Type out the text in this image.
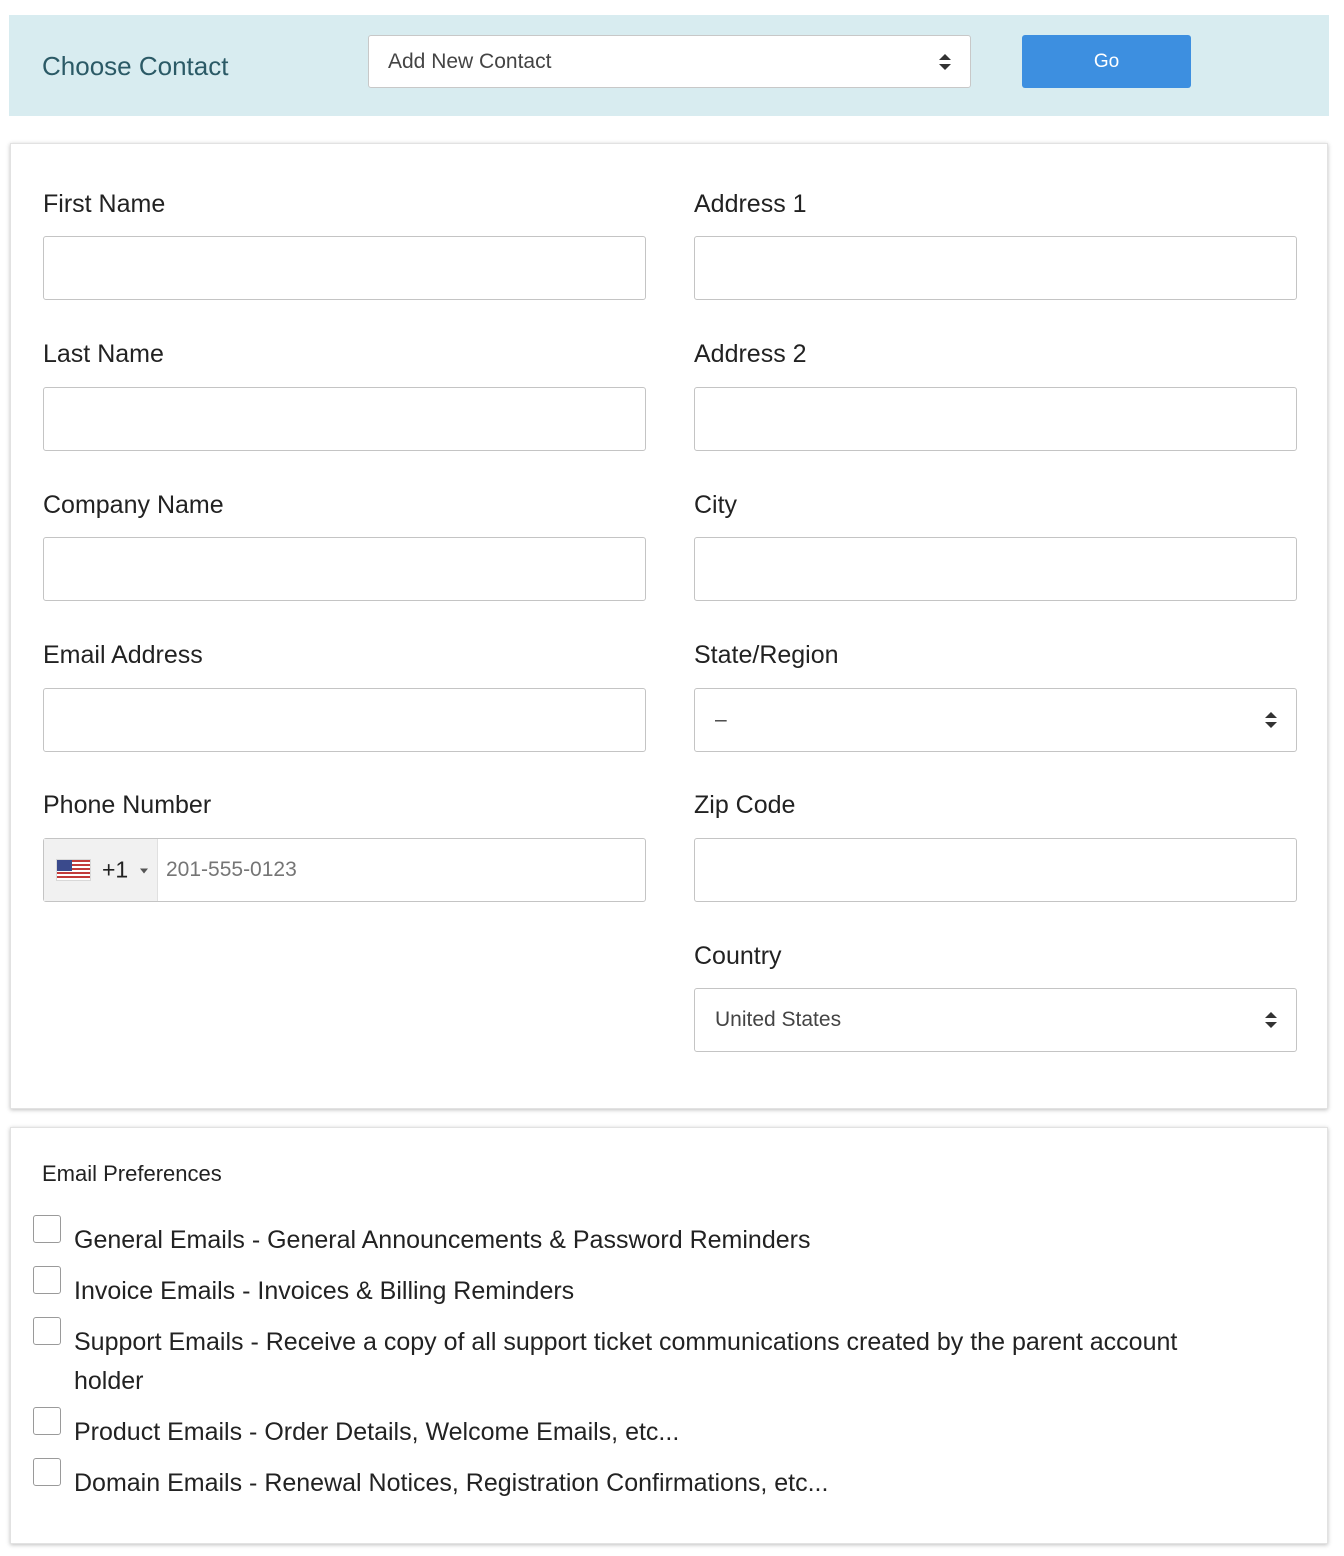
Choose Contact	Add New Contact	Go
First Name
Last Name
Company Name
Email Address
Phone Number
+1
201-555-0123
Address 1
Address 2
City
State/Region
–
Zip Code
Country
United States
Email Preferences
General Emails - General Announcements & Password Reminders
Invoice Emails - Invoices & Billing Reminders
Support Emails - Receive a copy of all support ticket communications created by the parent account holder
Product Emails - Order Details, Welcome Emails, etc...
Domain Emails - Renewal Notices, Registration Confirmations, etc...
